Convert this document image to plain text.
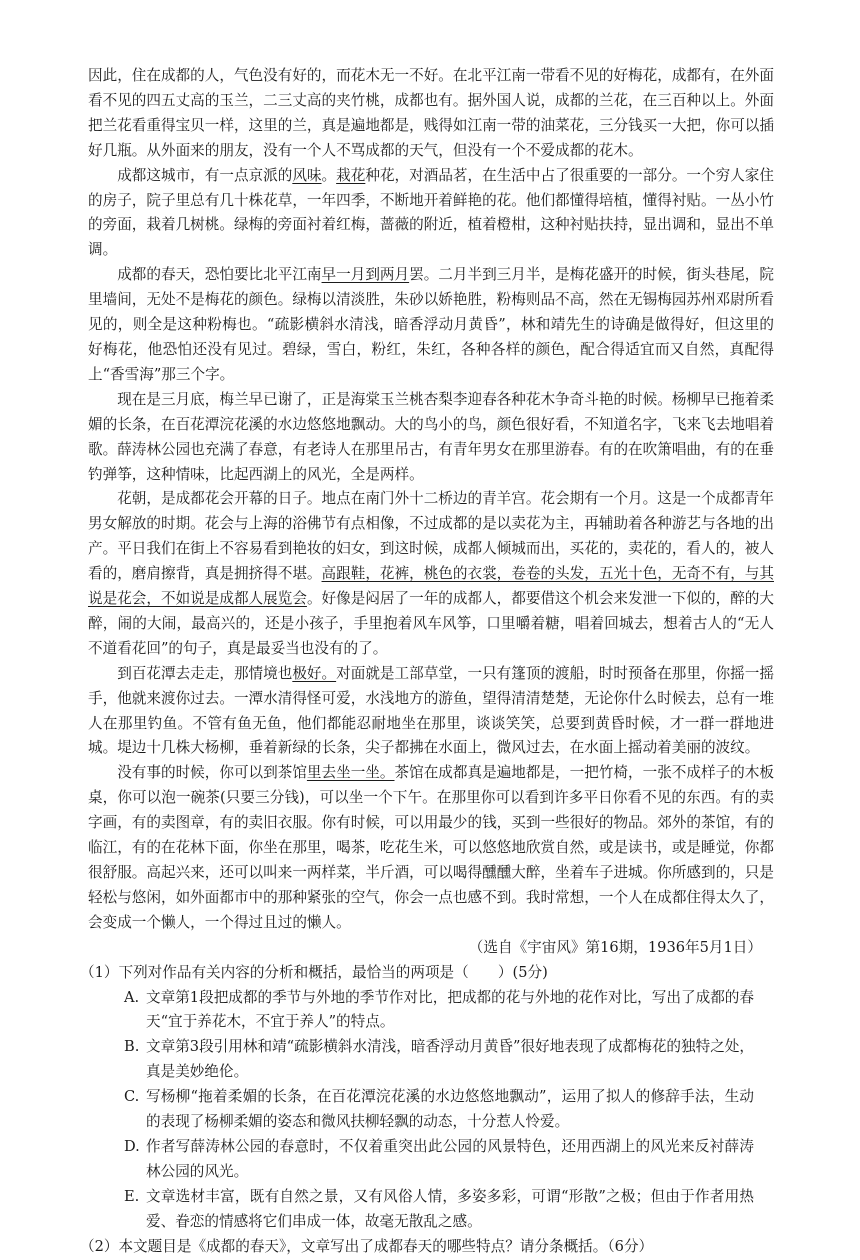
因此，住在成都的人，气色没有好的，而花木无一不好。在北平江南一带看不见的好梅花，成都有，在外面看不见的四五丈高的玉兰，二三丈高的夹竹桃，成都也有。据外国人说，成都的兰花，在三百种以上。外面把兰花看重得宝贝一样，这里的兰，真是遍地都是，贱得如江南一带的油菜花，三分钱买一大把，你可以插好几瓶。从外面来的朋友，没有一个人不骂成都的天气，但没有一个不爱成都的花木。

成都这城市，有一点京派的风味。栽花种花，对酒品茗，在生活中占了很重要的一部分。一个穷人家住的房子，院子里总有几十株花草，一年四季，不断地开着鲜艳的花。他们都懂得培植，懂得衬贴。一丛小竹的旁面，栽着几树桃。绿梅的旁面衬着红梅，蔷薇的附近，植着橙柑，这种衬贴扶持，显出调和，显出不单调。

成都的春天，恐怕要比北平江南早一月到两月罢。二月半到三月半，是梅花盛开的时候，街头巷尾，院里墙间，无处不是梅花的颜色。绿梅以清淡胜，朱砂以娇艳胜，粉梅则品不高，然在无锡梅园苏州邓尉所看见的，则全是这种粉梅也。“疏影横斜水清浅，暗香浮动月黄昏”，林和靖先生的诗确是做得好，但这里的好梅花，他恐怕还没有见过。碧绿，雪白，粉红，朱红，各种各样的颜色，配合得适宜而又自然，真配得上“香雪海”那三个字。

现在是三月底，梅兰早已谢了，正是海棠玉兰桃杏梨李迎春各种花木争奇斗艳的时候。杨柳早已拖着柔媚的长条，在百花潭浣花溪的水边悠悠地飘动。大的鸟小的鸟，颜色很好看，不知道名字，飞来飞去地唱着歌。薛涛林公园也充满了春意，有老诗人在那里吊古，有青年男女在那里游春。有的在吹箫唱曲，有的在垂钓弹筝，这种情味，比起西湖上的风光，全是两样。

花朝，是成都花会开幕的日子。地点在南门外十二桥边的青羊宫。花会期有一个月。这是一个成都青年男女解放的时期。花会与上海的浴佛节有点相像，不过成都的是以卖花为主，再辅助着各种游艺与各地的出产。平日我们在街上不容易看到艳妆的妇女，到这时候，成都人倾城而出，买花的，卖花的，看人的，被人看的，磨肩擦背，真是拥挤得不堪。高跟鞋，花裤，桃色的衣裳，卷卷的头发，五光十色，无奇不有，与其说是花会，不如说是成都人展览会。好像是闷居了一年的成都人，都要借这个机会来发泄一下似的，醉的大醉，闹的大闹，最高兴的，还是小孩子，手里抱着风车风筝，口里嚼着糖，唱着回城去，想着古人的“无人不道看花回”的句子，真是最妥当也没有的了。

到百花潭去走走，那情境也极好。对面就是工部草堂，一只有篷顶的渡船，时时预备在那里，你摇一摇手，他就来渡你过去。一潭水清得怪可爱，水浅地方的游鱼，望得清清楚楚，无论你什么时候去，总有一堆人在那里钓鱼。不管有鱼无鱼，他们都能忍耐地坐在那里，谈谈笑笑，总要到黄昏时候，才一群一群地进城。堤边十几株大杨柳，垂着新绿的长条，尖子都拂在水面上，微风过去，在水面上摇动着美丽的波纹。

没有事的时候，你可以到茶馆里去坐一坐。茶馆在成都真是遍地都是，一把竹椅，一张不成样子的木板桌，你可以泡一碗茶(只要三分钱)，可以坐一个下午。在那里你可以看到许多平日你看不见的东西。有的卖字画，有的卖图章，有的卖旧衣服。你有时候，可以用最少的钱，买到一些很好的物品。郊外的茶馆，有的临江，有的在花林下面，你坐在那里，喝茶，吃花生米，可以悠悠地欣赏自然，或是读书，或是睡觉，你都很舒服。高起兴来，还可以叫来一两样菜，半斤酒，可以喝得醺醺大醉，坐着车子进城。你所感到的，只是轻松与悠闲，如外面都市中的那种紧张的空气，你会一点也感不到。我时常想，一个人在成都住得太久了，会变成一个懒人，一个得过且过的懒人。

（选自《宇宙风》第16期，1936年5月1日）

（1）下列对作品有关内容的分析和概括，最恰当的两项是（　　）(5分)

A. 文章第1段把成都的季节与外地的季节作对比，把成都的花与外地的花作对比，写出了成都的春天“宜于养花木，不宜于养人”的特点。
B. 文章第3段引用林和靖“疏影横斜水清浅，暗香浮动月黄昏”很好地表现了成都梅花的独特之处，真是美妙绝伦。
C. 写杨柳“拖着柔媚的长条，在百花潭浣花溪的水边悠悠地飘动”，运用了拟人的修辞手法，生动的表现了杨柳柔媚的姿态和微风扶柳轻飘的动态，十分惹人怜爱。
D. 作者写薛涛林公园的春意时，不仅着重突出此公园的风景特色，还用西湖上的风光来反衬薛涛林公园的风光。
E. 文章选材丰富，既有自然之景，又有风俗人情，多姿多彩，可谓“形散”之极；但由于作者用热爱、眷恋的情感将它们串成一体，故毫无散乱之感。

（2）本文题目是《成都的春天》，文章写出了成都春天的哪些特点？请分条概括。（6分）
